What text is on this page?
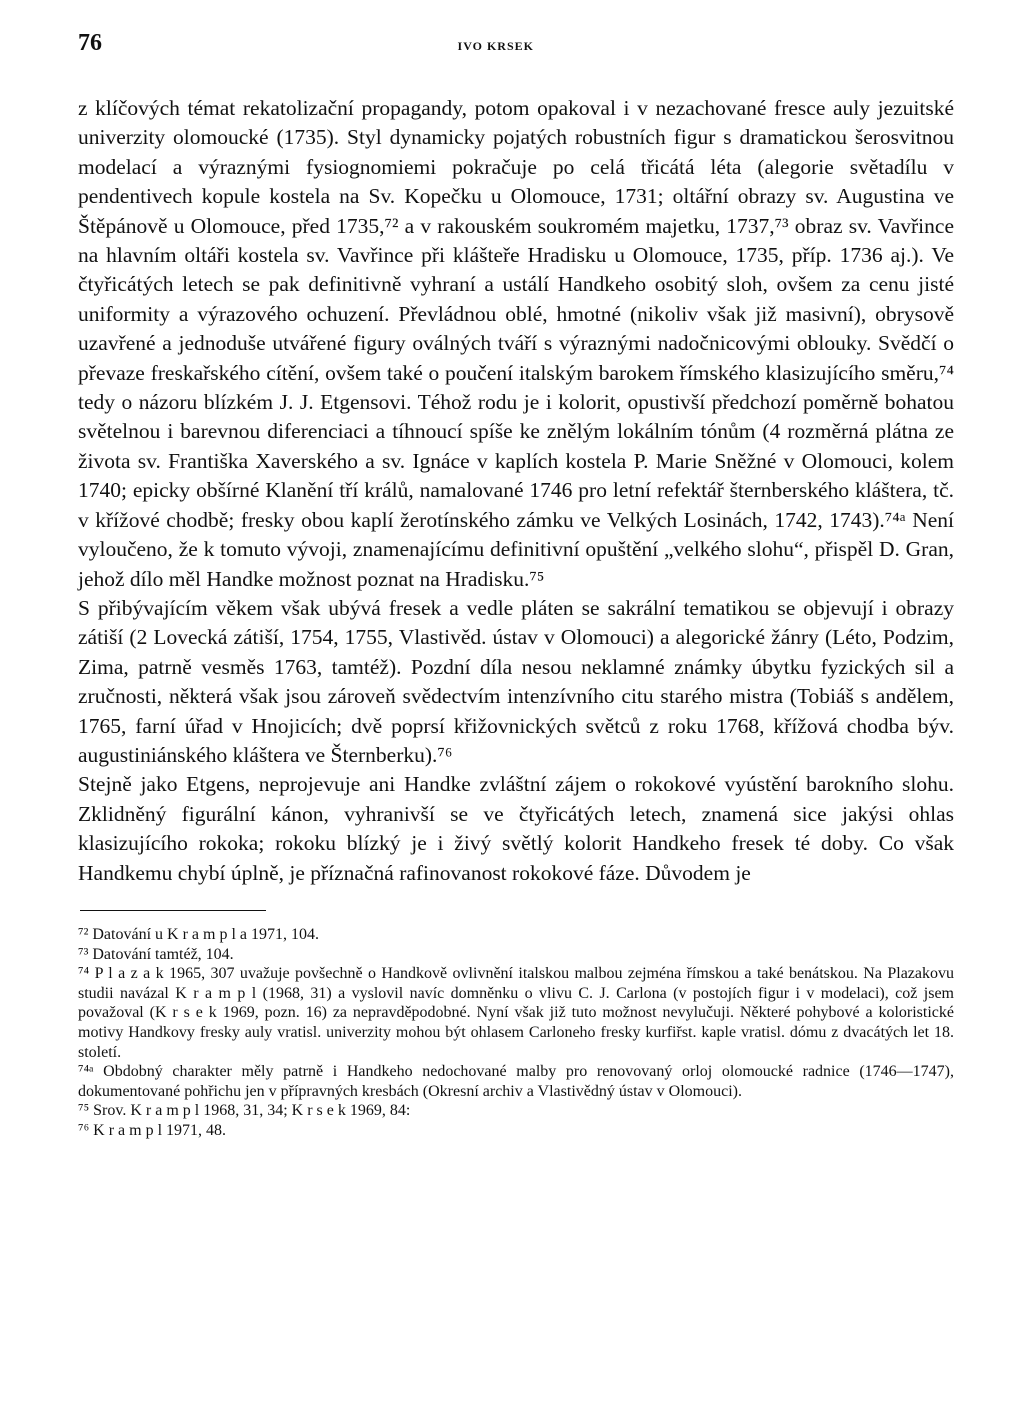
76	IVO KRSEK

z klíčových témat rekatolizační propagandy, potom opakoval i v nezachované fresce auly jezuitské univerzity olomoucké (1735). Styl dynamicky pojatých robustních figur s dramatickou šerosvitnou modelací a výraznými fysiognomiemi pokračuje po celá třicátá léta (alegorie světadílu v pendentivech kopule kostela na Sv. Kopečku u Olomouce, 1731; oltářní obrazy sv. Augustina ve Štěpánově u Olomouce, před 1735,⁷² a v rakouském soukromém majetku, 1737,⁷³ obraz sv. Vavřince na hlavním oltáři kostela sv. Vavřince při klášteře Hradisku u Olomouce, 1735, příp. 1736 aj.). Ve čtyřicátých letech se pak definitivně vyhraní a ustálí Handkeho osobitý sloh, ovšem za cenu jisté uniformity a výrazového ochuzení. Převládnou oblé, hmotné (nikoliv však již masivní), obrysově uzavřené a jednoduše utvářené figury oválných tváří s výraznými nadočnicovými oblouky. Svědčí o převaze freskařského cítění, ovšem také o poučení italským barokem římského klasizujícího směru,⁷⁴ tedy o názoru blízkém J. J. Etgensovi. Téhož rodu je i kolorit, opustivší předchozí poměrně bohatou světelnou i barevnou diferenciaci a tíhnoucí spíše ke znělým lokálním tónům (4 rozměrná plátna ze života sv. Františka Xaverského a sv. Ignáce v kaplích kostela P. Marie Sněžné v Olomouci, kolem 1740; epicky obšírné Klanění tří králů, namalované 1746 pro letní refektář šternberského kláštera, tč. v křížové chodbě; fresky obou kaplí žerotínského zámku ve Velkých Losinách, 1742, 1743).⁷⁴ᵃ Není vyloučeno, že k tomuto vývoji, znamenajícímu definitivní opuštění „velkého slohu“, přispěl D. Gran, jehož dílo měl Handke možnost poznat na Hradisku.⁷⁵

S přibývajícím věkem však ubývá fresek a vedle pláten se sakrální tematikou se objevují i obrazy zátiší (2 Lovecká zátiší, 1754, 1755, Vlastivěd. ústav v Olomouci) a alegorické žánry (Léto, Podzim, Zima, patrně vesměs 1763, tamtéž). Pozdní díla nesou neklamné známky úbytku fyzických sil a zručnosti, některá však jsou zároveň svědectvím intenzívního citu starého mistra (Tobiáš s andělem, 1765, farní úřad v Hnojicích; dvě poprsí křižovnických světců z roku 1768, křížová chodba býv. augustiniánského kláštera ve Šternberku).⁷⁶

Stejně jako Etgens, neprojevuje ani Handke zvláštní zájem o rokokové vyústění barokního slohu. Zklidněný figurální kánon, vyhranivší se ve čtyřicátých letech, znamená sice jakýsi ohlas klasizujícího rokoka; rokoku blízký je i živý světlý kolorit Handkeho fresek té doby. Co však Handkemu chybí úplně, je příznačná rafinovanost rokokové fáze. Důvodem je

⁷² Datování u K r a m p l a 1971, 104.

⁷³ Datování tamtéž, 104.

⁷⁴ P l a z a k 1965, 307 uvažuje povšechně o Handkově ovlivnění italskou malbou zejména římskou a také benátskou. Na Plazakovu studii navázal K r a m p l (1968, 31) a vyslovil navíc domněnku o vlivu C. J. Carlona (v postojích figur i v modelaci), což jsem považoval (K r s e k 1969, pozn. 16) za nepravděpodobné. Nyní však již tuto možnost nevylučuji. Některé pohybové a koloristické motivy Handkovy fresky auly vratisl. univerzity mohou být ohlasem Carloneho fresky kurfiřst. kaple vratisl. dómu z dvacátých let 18. století.

⁷⁴ᵃ Obdobný charakter měly patrně i Handkeho nedochované malby pro renovovaný orloj olomoucké radnice (1746—1747), dokumentované pohřichu jen v přípravných kresbách (Okresní archiv a Vlastivědný ústav v Olomouci).

⁷⁵ Srov. K r a m p l 1968, 31, 34; K r s e k 1969, 84:

⁷⁶ K r a m p l 1971, 48.
